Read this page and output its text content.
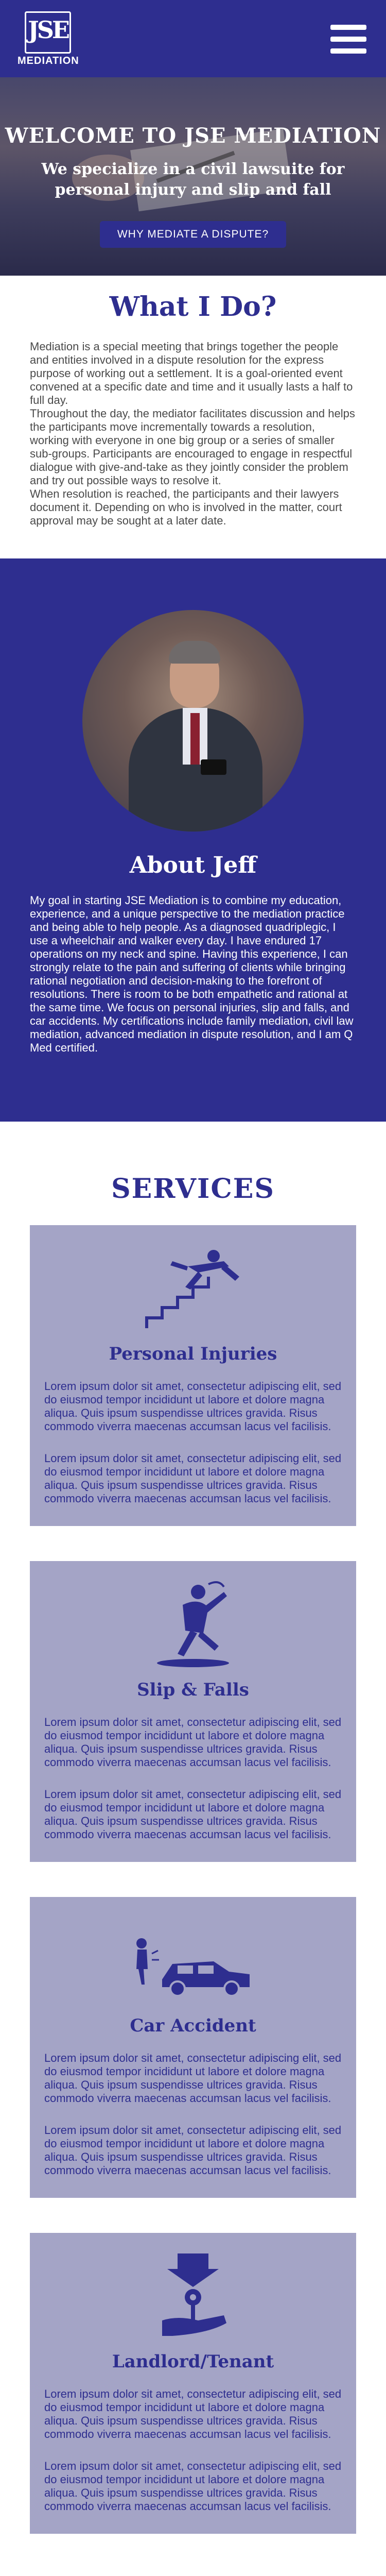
JSE
MEDIATION
WELCOME TO JSE MEDIATION
We specialize in a civil lawsuite for personal injury and slip and fall
WHY MEDIATE A DISPUTE?
What I Do?

Mediation is a special meeting that brings together the people and entities involved in a dispute resolution for the express purpose of working out a settlement. It is a goal-oriented event convened at a specific date and time and it usually lasts a half to full day.
Throughout the day, the mediator facilitates discussion and helps the participants move incrementally towards a resolution, working with everyone in one big group or a series of smaller sub-groups. Participants are encouraged to engage in respectful dialogue with give-and-take as they jointly consider the problem and try out possible ways to resolve it.
When resolution is reached, the participants and their lawyers document it. Depending on who is involved in the matter, court approval may be sought at a later date.

About Jeff

My goal in starting JSE Mediation is to combine my education, experience, and a unique perspective to the mediation practice and being able to help people. As a diagnosed quadriplegic, I use a wheelchair and walker every day. I have endured 17 operations on my neck and spine. Having this experience, I can strongly relate to the pain and suffering of clients while bringing rational negotiation and decision-making to the forefront of resolutions. There is room to be both empathetic and rational at the same time. We focus on personal injuries, slip and falls, and car accidents. My certifications include family mediation, civil law mediation, advanced mediation in dispute resolution, and I am Q Med certified.

SERVICES
Personal Injuries

Lorem ipsum dolor sit amet, consectetur adipiscing elit, sed do eiusmod tempor incididunt ut labore et dolore magna aliqua. Quis ipsum suspendisse ultrices gravida. Risus commodo viverra maecenas accumsan lacus vel facilisis.

Lorem ipsum dolor sit amet, consectetur adipiscing elit, sed do eiusmod tempor incididunt ut labore et dolore magna aliqua. Quis ipsum suspendisse ultrices gravida. Risus commodo viverra maecenas accumsan lacus vel facilisis.

Slip & Falls

Lorem ipsum dolor sit amet, consectetur adipiscing elit, sed do eiusmod tempor incididunt ut labore et dolore magna aliqua. Quis ipsum suspendisse ultrices gravida. Risus commodo viverra maecenas accumsan lacus vel facilisis.

Lorem ipsum dolor sit amet, consectetur adipiscing elit, sed do eiusmod tempor incididunt ut labore et dolore magna aliqua. Quis ipsum suspendisse ultrices gravida. Risus commodo viverra maecenas accumsan lacus vel facilisis.

Car Accident

Lorem ipsum dolor sit amet, consectetur adipiscing elit, sed do eiusmod tempor incididunt ut labore et dolore magna aliqua. Quis ipsum suspendisse ultrices gravida. Risus commodo viverra maecenas accumsan lacus vel facilisis.

Lorem ipsum dolor sit amet, consectetur adipiscing elit, sed do eiusmod tempor incididunt ut labore et dolore magna aliqua. Quis ipsum suspendisse ultrices gravida. Risus commodo viverra maecenas accumsan lacus vel facilisis.

Landlord/Tenant

Lorem ipsum dolor sit amet, consectetur adipiscing elit, sed do eiusmod tempor incididunt ut labore et dolore magna aliqua. Quis ipsum suspendisse ultrices gravida. Risus commodo viverra maecenas accumsan lacus vel facilisis.

Lorem ipsum dolor sit amet, consectetur adipiscing elit, sed do eiusmod tempor incididunt ut labore et dolore magna aliqua. Quis ipsum suspendisse ultrices gravida. Risus commodo viverra maecenas accumsan lacus vel facilisis.
